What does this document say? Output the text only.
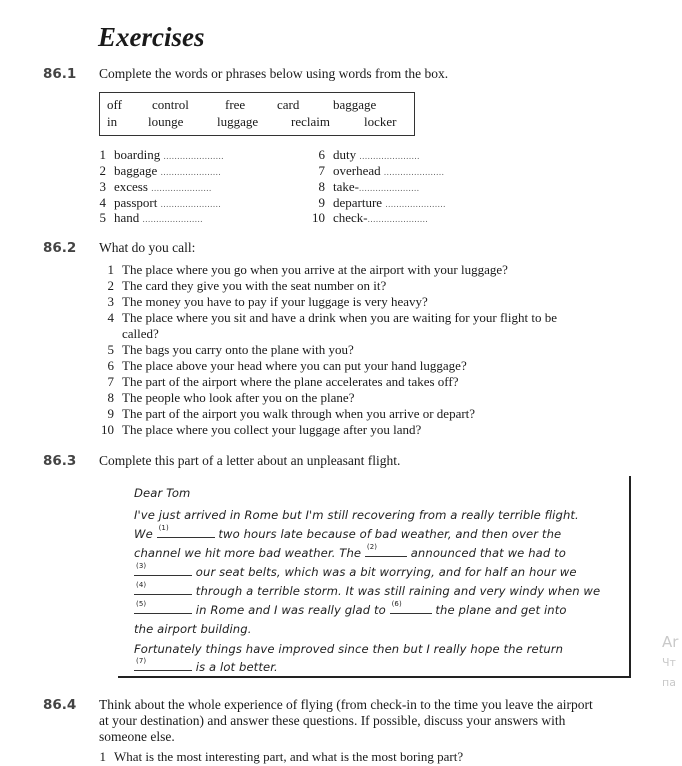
Exercises
86.1 Complete the words or phrases below using words from the box.
off control	free card	baggage
in lounge	luggage	reclaim	locker
1 boarding ......................
2 baggage ......................
3 excess ......................
4 passport ......................
5 hand ......................
6 duty ......................
7 overhead ......................
8 take-......................
9 departure ......................
10 check-......................
86.2 What do you call:
1 The place where you go when you arrive at the airport with your luggage?
2 The card they give you with the seat number on it?
3 The money you have to pay if your luggage is very heavy?
4 The place where you sit and have a drink when you are waiting for your flight to be
called?
5 The bags you carry onto the plane with you?
6 The place above your head where you can put your hand luggage?
7 The part of the airport where the plane accelerates and takes off?
8 The people who look after you on the plane?
9 The part of the airport you walk through when you arrive or depart?
10 The place where you collect your luggage after you land?
86.3 Complete this part of a letter about an unpleasant flight.
Dear Tom
I've just arrived in Rome but I'm still recovering from a really terrible flight.
We (1)	two hours late because of bad weather, and then over the
channel we hit more bad weather. The (2)	announced that we had to
(3)	our seat belts, which was a bit worrying, and for half an hour we
(4)	through a terrible storm. It was still raining and very windy when we
(5)	in Rome and I was really glad to (6)	the plane and get into
the airport building.
Fortunately things have improved since then but I really hope the return
(7)	is a lot better.
Ar
Чт
па
86.4 Think about the whole experience of flying (from check-in to the time you leave the airport
at your destination) and answer these questions. If possible, discuss your answers with
someone else.
1 What is the most interesting part, and what is the most boring part?
